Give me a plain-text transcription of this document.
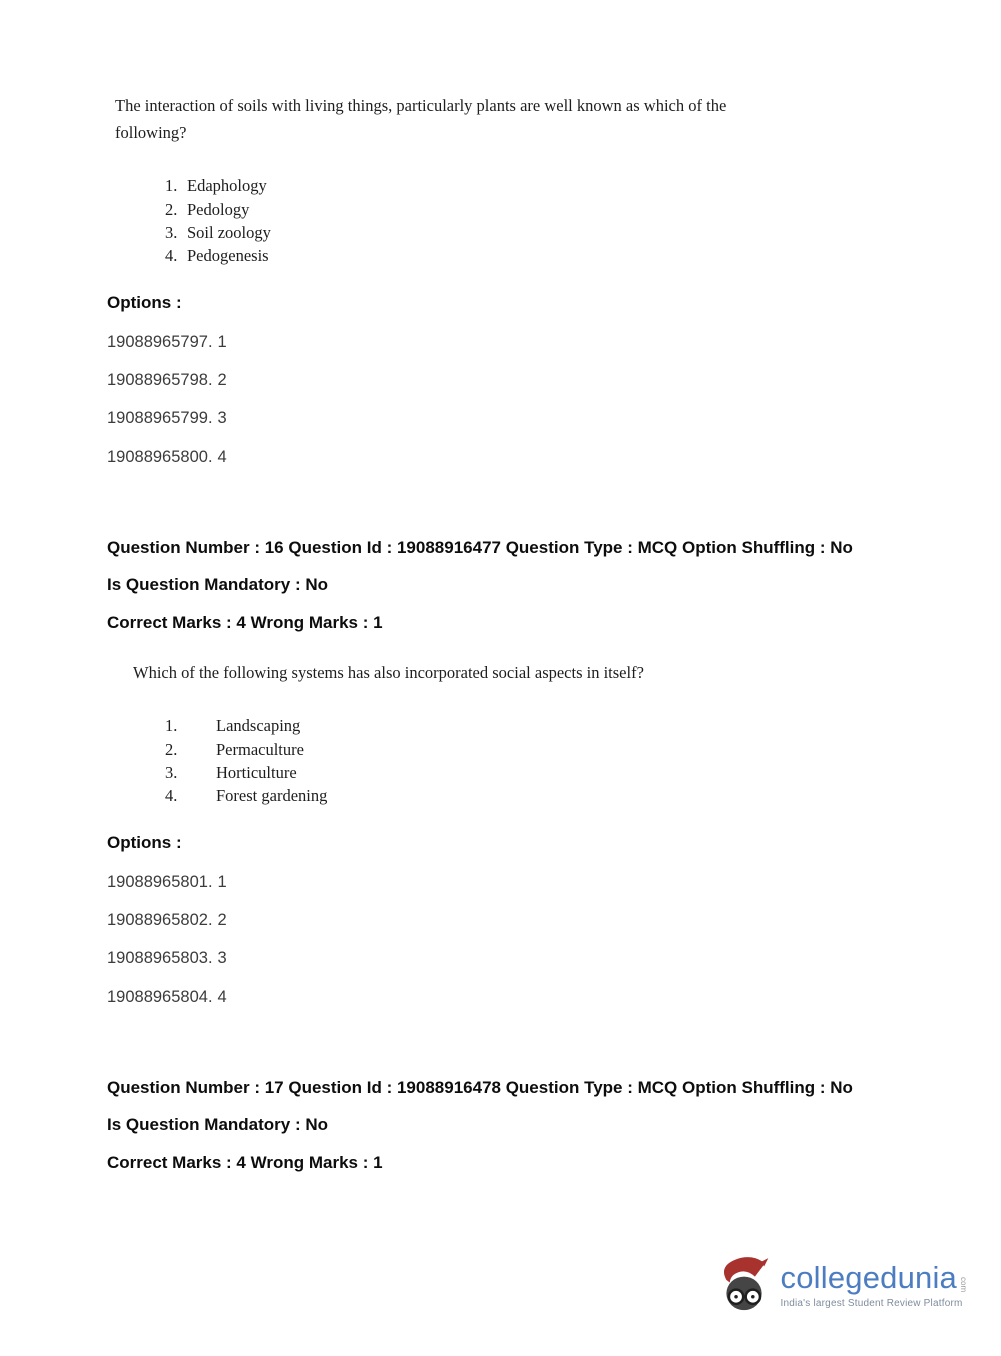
The interaction of soils with living things, particularly plants are well known as which of the following?

1. Edaphology
2. Pedology
3. Soil zoology
4. Pedogenesis

Options :

19088965797. 1
19088965798. 2
19088965799. 3
19088965800. 4

Question Number : 16 Question Id : 19088916477 Question Type : MCQ Option Shuffling : No

Is Question Mandatory : No

Correct Marks : 4 Wrong Marks : 1

Which of the following systems has also incorporated social aspects in itself?

1.	Landscaping
2.	Permaculture
3.	Horticulture
4.	Forest gardening

Options :

19088965801. 1
19088965802. 2
19088965803. 3
19088965804. 4

Question Number : 17 Question Id : 19088916478 Question Type : MCQ Option Shuffling : No

Is Question Mandatory : No

Correct Marks : 4 Wrong Marks : 1

collegedunia com
India's largest Student Review Platform
